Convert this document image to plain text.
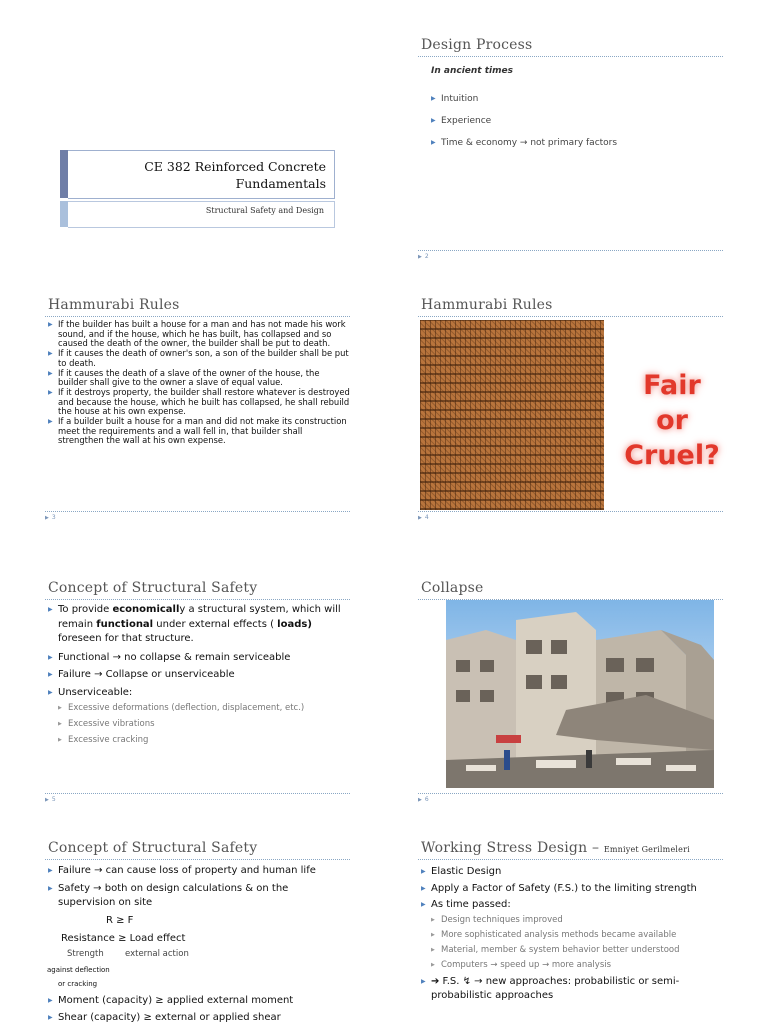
CE 382 Reinforced Concrete
Fundamentals
Structural Safety and Design
Design Process
In ancient times
▶ Intuition
▶ Experience
▶ Time & economy → not primary factors
▶ 2
Hammurabi Rules
▶ If the builder has built a house for a man and has not made his work sound, and if the house, which he has built, has collapsed and so caused the death of the owner, the builder shall be put to death.
▶ If it causes the death of owner's son, a son of the builder shall be put to death.
▶ If it causes the death of a slave of the owner of the house, the builder shall give to the owner a slave of equal value.
▶ If it destroys property, the builder shall restore whatever is destroyed and because the house, which he built has collapsed, he shall rebuild the house at his own expense.
▶ If a builder built a house for a man and did not make its construction meet the requirements and a wall fell in, that builder shall strengthen the wall at his own expense.
▶ 3
Hammurabi Rules
Fair
or
Cruel?
▶ 4
Concept of Structural Safety
▶ To provide economically a structural system, which will remain functional under external effects ( loads) foreseen for that structure.
▶ Functional → no collapse & remain serviceable
▶ Failure → Collapse or unserviceable
▶ Unserviceable:
▶ Excessive deformations (deflection, displacement, etc.)
▶ Excessive vibrations
▶ Excessive cracking
▶ 5
Collapse
▶ 6
Concept of Structural Safety
▶ Failure → can cause loss of property and human life
▶ Safety → both on design calculations & on the supervision on site
R ≥ F
Resistance ≥ Load effect
Strength external action
against deflection
or cracking
▶ Moment (capacity) ≥ applied external moment
▶ Shear (capacity) ≥ external or applied shear
Working Stress Design – Emniyet Gerilmeleri
▶ Elastic Design
▶ Apply a Factor of Safety (F.S.) to the limiting strength
▶ As time passed:
▶ Design techniques improved
▶ More sophisticated analysis methods became available
▶ Material, member & system behavior better understood
▶ Computers → speed up → more analysis
▶ ➔ F.S. ↯ → new approaches: probabilistic or semi-probabilistic approaches
